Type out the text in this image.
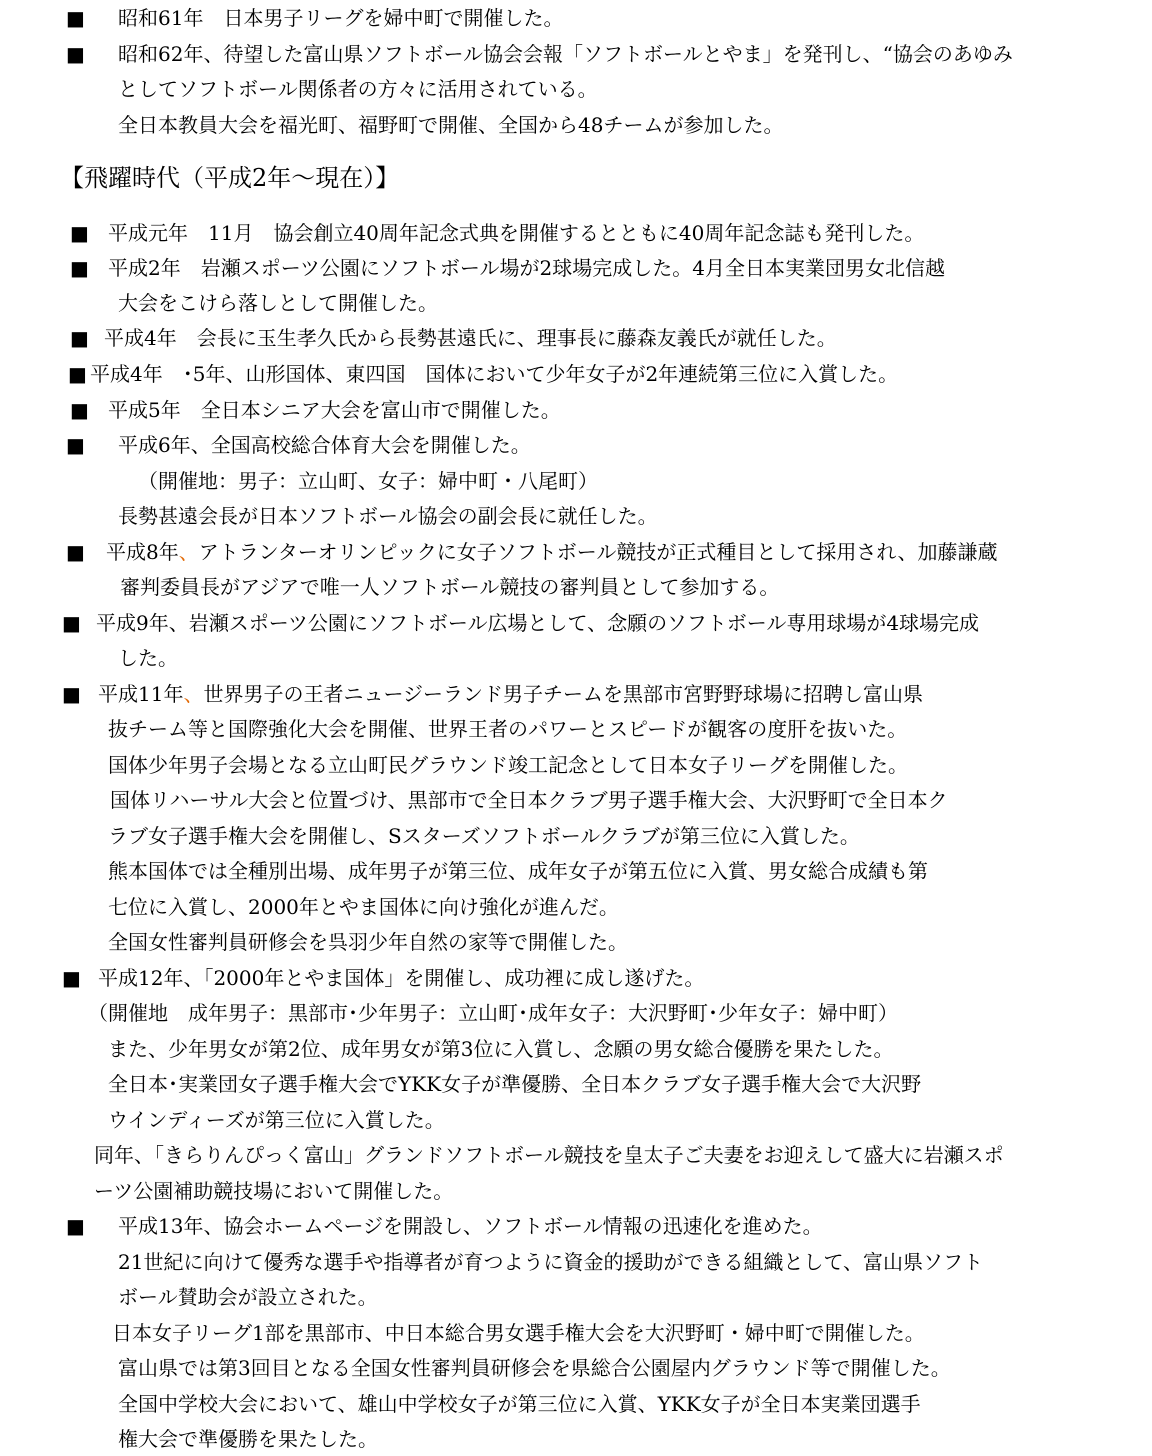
■ 昭和61年　日本男子リーグを婦中町で開催した。
■ 昭和62年、待望した富山県ソフトボール協会会報「ソフトボールとやま」を発刊し、“協会のあゆみ
としてソフトボール関係者の方々に活用されている。
全日本教員大会を福光町、福野町で開催、全国から48チームが参加した。
【飛躍時代（平成2年～現在）】
■ 平成元年　11月　協会創立40周年記念式典を開催するとともに40周年記念誌も発刊した。
■ 平成2年　岩瀬スポーツ公園にソフトボール場が2球場完成した。4月全日本実業団男女北信越
大会をこけら落しとして開催した。
■ 平成4年　会長に玉生孝久氏から長勢甚遠氏に、理事長に藤森友義氏が就任した。
■ 平成4年　･5年、山形国体、東四国　国体において少年女子が2年連続第三位に入賞した。
■ 平成5年　全日本シニア大会を富山市で開催した。
■ 平成6年、全国高校総合体育大会を開催した。
（開催地：男子：立山町、女子：婦中町・八尾町）
長勢甚遠会長が日本ソフトボール協会の副会長に就任した。
■ 平成8年、アトランターオリンピックに女子ソフトボール競技が正式種目として採用され、加藤謙蔵
審判委員長がアジアで唯一人ソフトボール競技の審判員として参加する。
■ 平成9年、岩瀬スポーツ公園にソフトボール広場として、念願のソフトボール専用球場が4球場完成
した。
■ 平成11年、世界男子の王者ニュージーランド男子チームを黒部市宮野野球場に招聘し富山県
抜チーム等と国際強化大会を開催、世界王者のパワーとスピードが観客の度肝を抜いた。
国体少年男子会場となる立山町民グラウンド竣工記念として日本女子リーグを開催した。
国体リハーサル大会と位置づけ、黒部市で全日本クラブ男子選手権大会、大沢野町で全日本ク
ラブ女子選手権大会を開催し、Sスターズソフトボールクラブが第三位に入賞した。
熊本国体では全種別出場、成年男子が第三位、成年女子が第五位に入賞、男女総合成績も第
七位に入賞し、2000年とやま国体に向け強化が進んだ。
全国女性審判員研修会を呉羽少年自然の家等で開催した。
■ 平成12年、「2000年とやま国体」を開催し、成功裡に成し遂げた。
（開催地　成年男子：黒部市･少年男子：立山町･成年女子：大沢野町･少年女子：婦中町）
また、少年男女が第2位、成年男女が第3位に入賞し、念願の男女総合優勝を果たした。
全日本･実業団女子選手権大会でYKK女子が準優勝、全日本クラブ女子選手権大会で大沢野
ウインディーズが第三位に入賞した。
同年、「きらりんぴっく富山」グランドソフトボール競技を皇太子ご夫妻をお迎えして盛大に岩瀬スポ
ーツ公園補助競技場において開催した。
■ 平成13年、協会ホームページを開設し、ソフトボール情報の迅速化を進めた。
21世紀に向けて優秀な選手や指導者が育つように資金的援助ができる組織として、富山県ソフト
ボール賛助会が設立された。
日本女子リーグ1部を黒部市、中日本総合男女選手権大会を大沢野町・婦中町で開催した。
富山県では第3回目となる全国女性審判員研修会を県総合公園屋内グラウンド等で開催した。
全国中学校大会において、雄山中学校女子が第三位に入賞、YKK女子が全日本実業団選手
権大会で準優勝を果たした。
